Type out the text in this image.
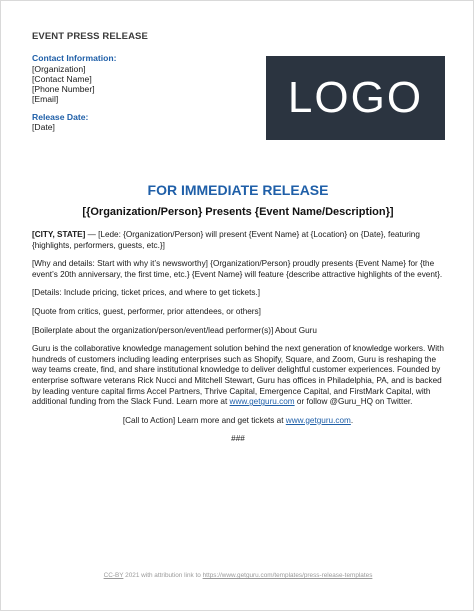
EVENT PRESS RELEASE
Contact Information:
[Organization]
[Contact Name]
[Phone Number]
[Email]
Release Date:
[Date]
LOGO
FOR IMMEDIATE RELEASE
[{Organization/Person} Presents {Event Name/Description}]

[CITY, STATE] — [Lede: {Organization/Person} will present {Event Name} at {Location} on {Date}, featuring {highlights, performers, guests, etc.}]

[Why and details: Start with why it’s newsworthy] {Organization/Person} proudly presents {Event Name} for {the event’s 20th anniversary, the first time, etc.} {Event Name} will feature {describe attractive highlights of the event}.

[Details: Include pricing, ticket prices, and where to get tickets.]

[Quote from critics, guest, performer, prior attendees, or others]

[Boilerplate about the organization/person/event/lead performer(s)] About Guru

Guru is the collaborative knowledge management solution behind the next generation of knowledge workers. With hundreds of customers including leading enterprises such as Shopify, Square, and Zoom, Guru is reshaping the way teams create, find, and share institutional knowledge to deliver delightful customer experiences. Founded by enterprise software veterans Rick Nucci and Mitchell Stewart, Guru has offices in Philadelphia, PA, and is backed by leading venture capital firms Accel Partners, Thrive Capital, Emergence Capital, and FirstMark Capital, with additional funding from the Slack Fund. Learn more at www.getguru.com or follow @Guru_HQ on Twitter.

[Call to Action] Learn more and get tickets at www.getguru.com.

###

CC-BY 2021 with attribution link to https://www.getguru.com/templates/press-release-templates
